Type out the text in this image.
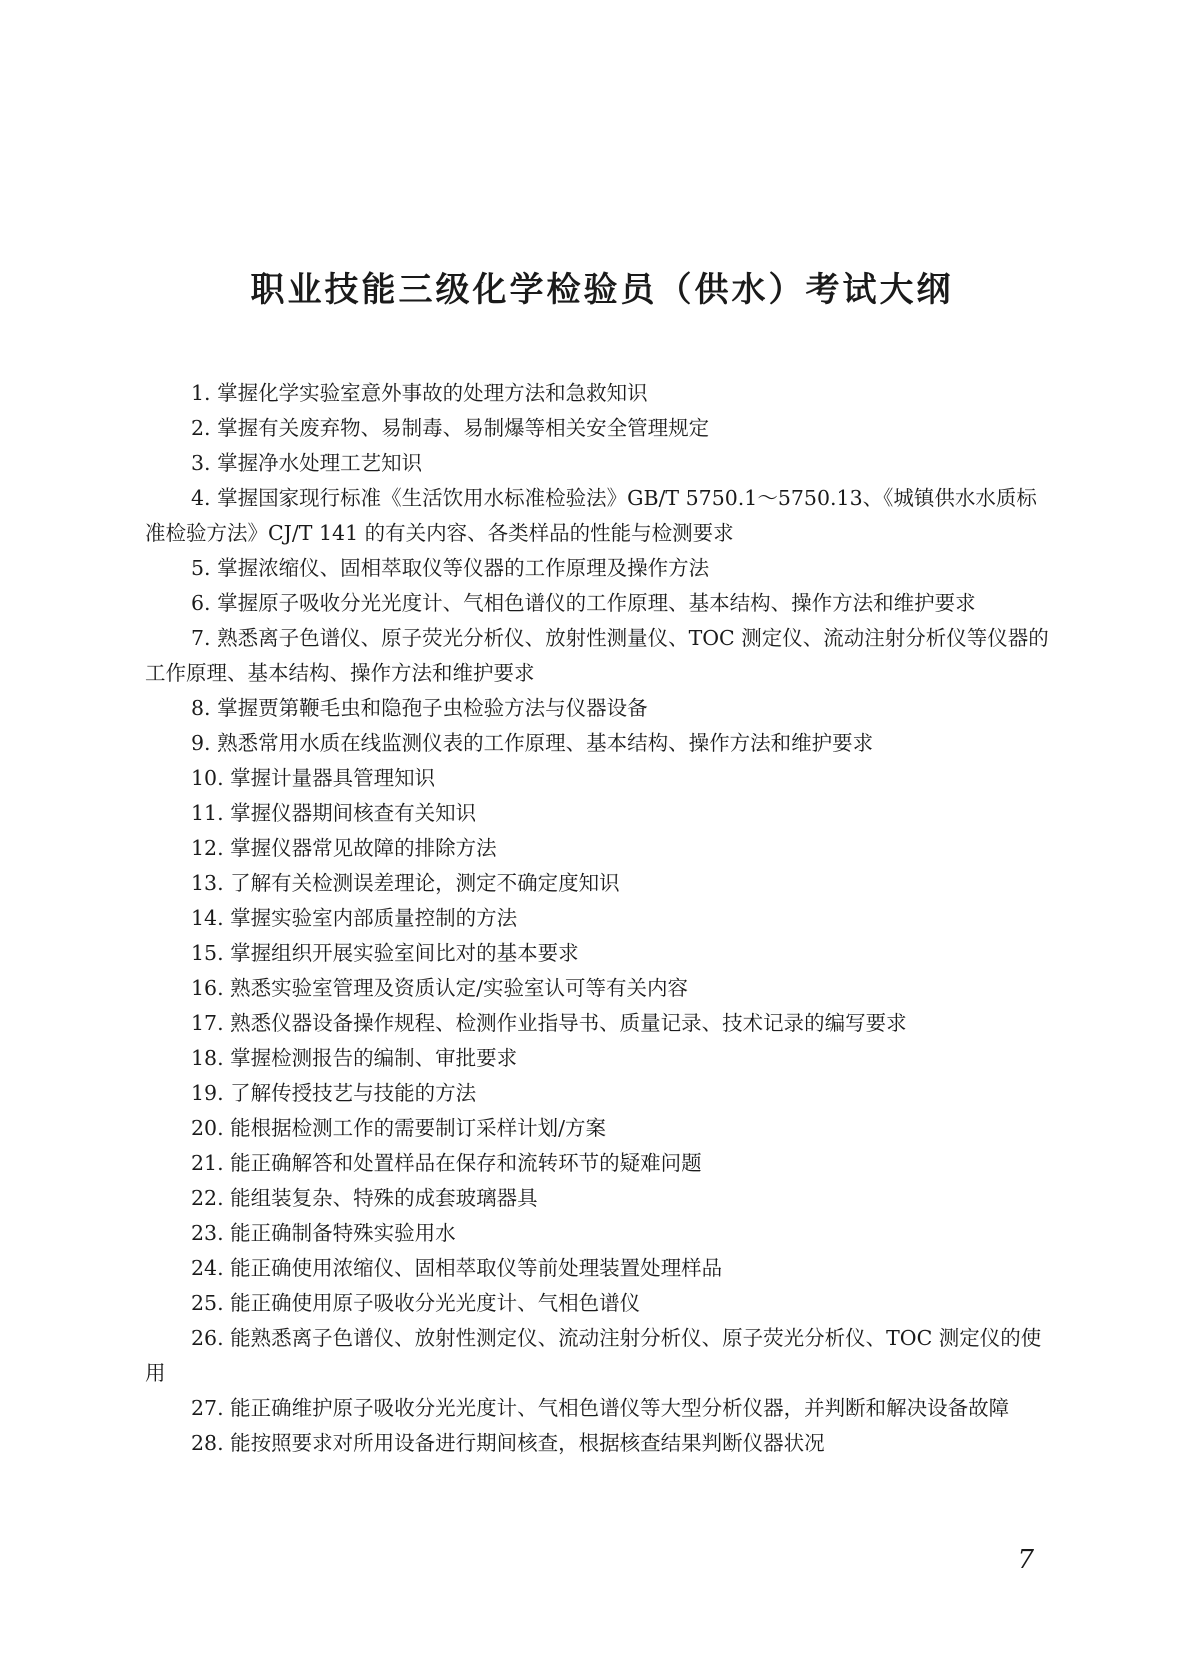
职业技能三级化学检验员（供水）考试大纲
1. 掌握化学实验室意外事故的处理方法和急救知识
2. 掌握有关废弃物、易制毒、易制爆等相关安全管理规定
3. 掌握净水处理工艺知识
4. 掌握国家现行标准《生活饮用水标准检验法》GB/T 5750.1～5750.13、《城镇供水水质标准检验方法》CJ/T 141 的有关内容、各类样品的性能与检测要求
5. 掌握浓缩仪、固相萃取仪等仪器的工作原理及操作方法
6. 掌握原子吸收分光光度计、气相色谱仪的工作原理、基本结构、操作方法和维护要求
7. 熟悉离子色谱仪、原子荧光分析仪、放射性测量仪、TOC 测定仪、流动注射分析仪等仪器的工作原理、基本结构、操作方法和维护要求
8. 掌握贾第鞭毛虫和隐孢子虫检验方法与仪器设备
9. 熟悉常用水质在线监测仪表的工作原理、基本结构、操作方法和维护要求
10. 掌握计量器具管理知识
11. 掌握仪器期间核查有关知识
12. 掌握仪器常见故障的排除方法
13. 了解有关检测误差理论，测定不确定度知识
14. 掌握实验室内部质量控制的方法
15. 掌握组织开展实验室间比对的基本要求
16. 熟悉实验室管理及资质认定/实验室认可等有关内容
17. 熟悉仪器设备操作规程、检测作业指导书、质量记录、技术记录的编写要求
18. 掌握检测报告的编制、审批要求
19. 了解传授技艺与技能的方法
20. 能根据检测工作的需要制订采样计划/方案
21. 能正确解答和处置样品在保存和流转环节的疑难问题
22. 能组装复杂、特殊的成套玻璃器具
23. 能正确制备特殊实验用水
24. 能正确使用浓缩仪、固相萃取仪等前处理装置处理样品
25. 能正确使用原子吸收分光光度计、气相色谱仪
26. 能熟悉离子色谱仪、放射性测定仪、流动注射分析仪、原子荧光分析仪、TOC 测定仪的使用
27. 能正确维护原子吸收分光光度计、气相色谱仪等大型分析仪器，并判断和解决设备故障
28. 能按照要求对所用设备进行期间核查，根据核查结果判断仪器状况
7
